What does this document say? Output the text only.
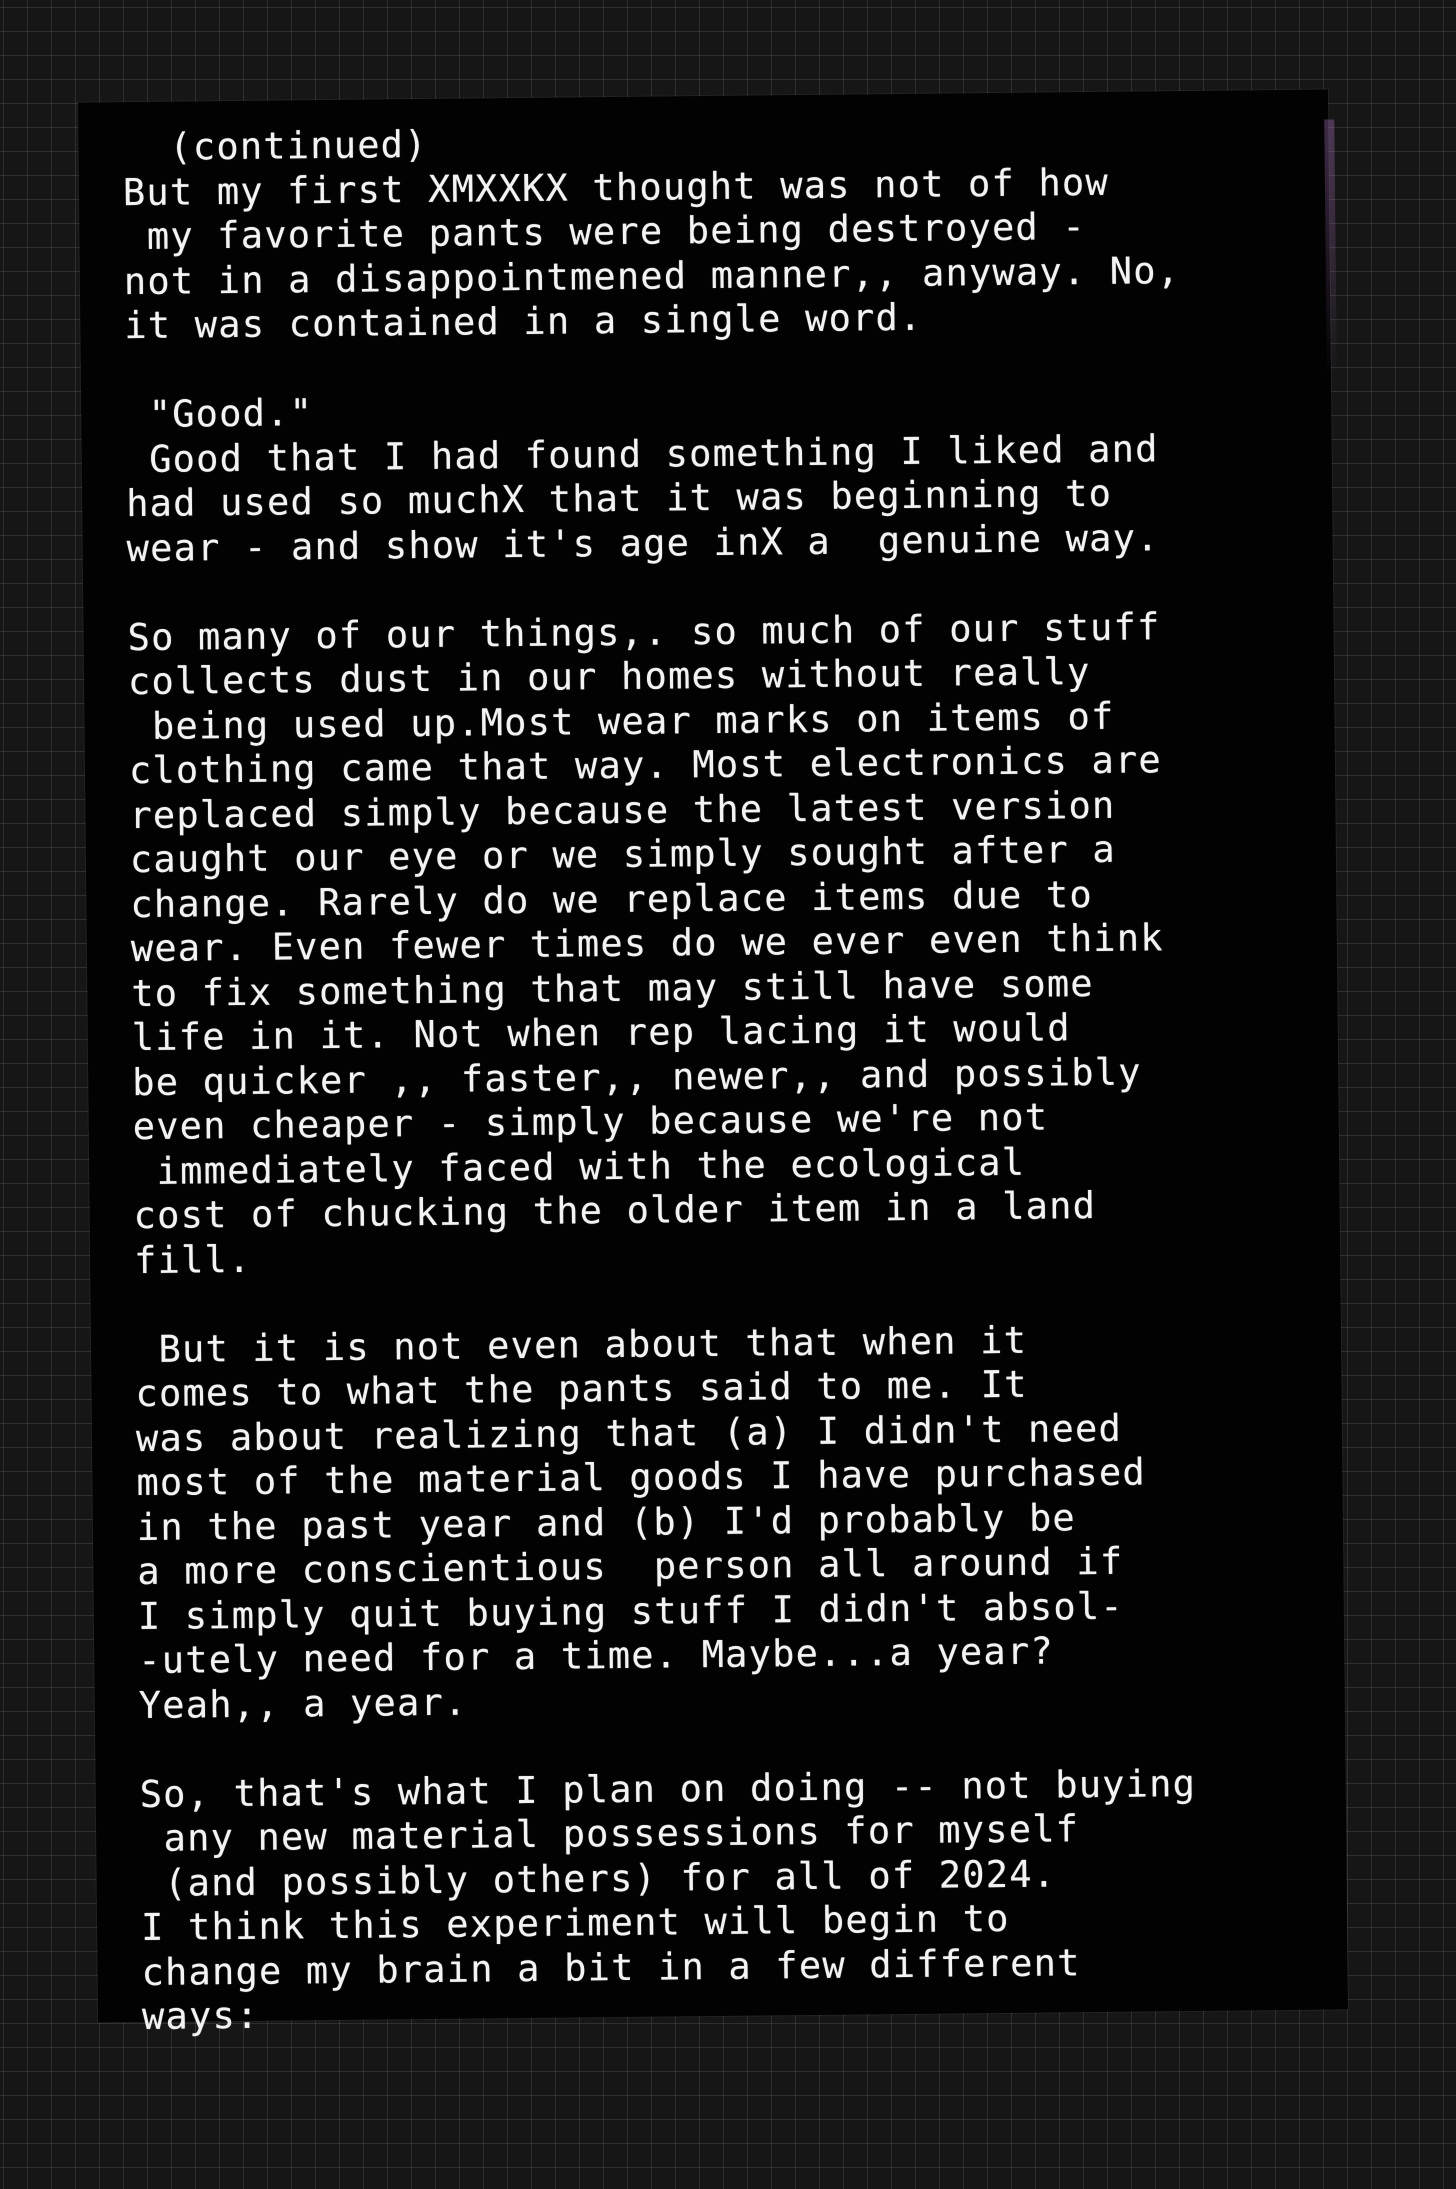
(continued)
But my first XMXXKX thought was not of how
my favorite pants were being destroyed -
not in a disappointmened manner,, anyway. No,
it was contained in a single word.

"Good."
Good that I had found something I liked and
had used so muchX that it was beginning to
wear - and show it's age inX a  genuine way.

So many of our things,. so much of our stuff
collects dust in our homes without really
being used up.Most wear marks on items of
clothing came that way. Most electronics are
replaced simply because the latest version
caught our eye or we simply sought after a
change. Rarely do we replace items due to
wear. Even fewer times do we ever even think
to fix something that may still have some
life in it. Not when rep lacing it would
be quicker ,, faster,, newer,, and possibly
even cheaper - simply because we're not
immediately faced with the ecological
cost of chucking the older item in a land
fill.

But it is not even about that when it
comes to what the pants said to me. It
was about realizing that (a) I didn't need
most of the material goods I have purchased
in the past year and (b) I'd probably be
a more conscientious  person all around if
I simply quit buying stuff I didn't absol-
-utely need for a time. Maybe...a year?
Yeah,, a year.

So, that's what I plan on doing -- not buying
any new material possessions for myself
(and possibly others) for all of 2024.
I think this experiment will begin to
change my brain a bit in a few different
ways:
